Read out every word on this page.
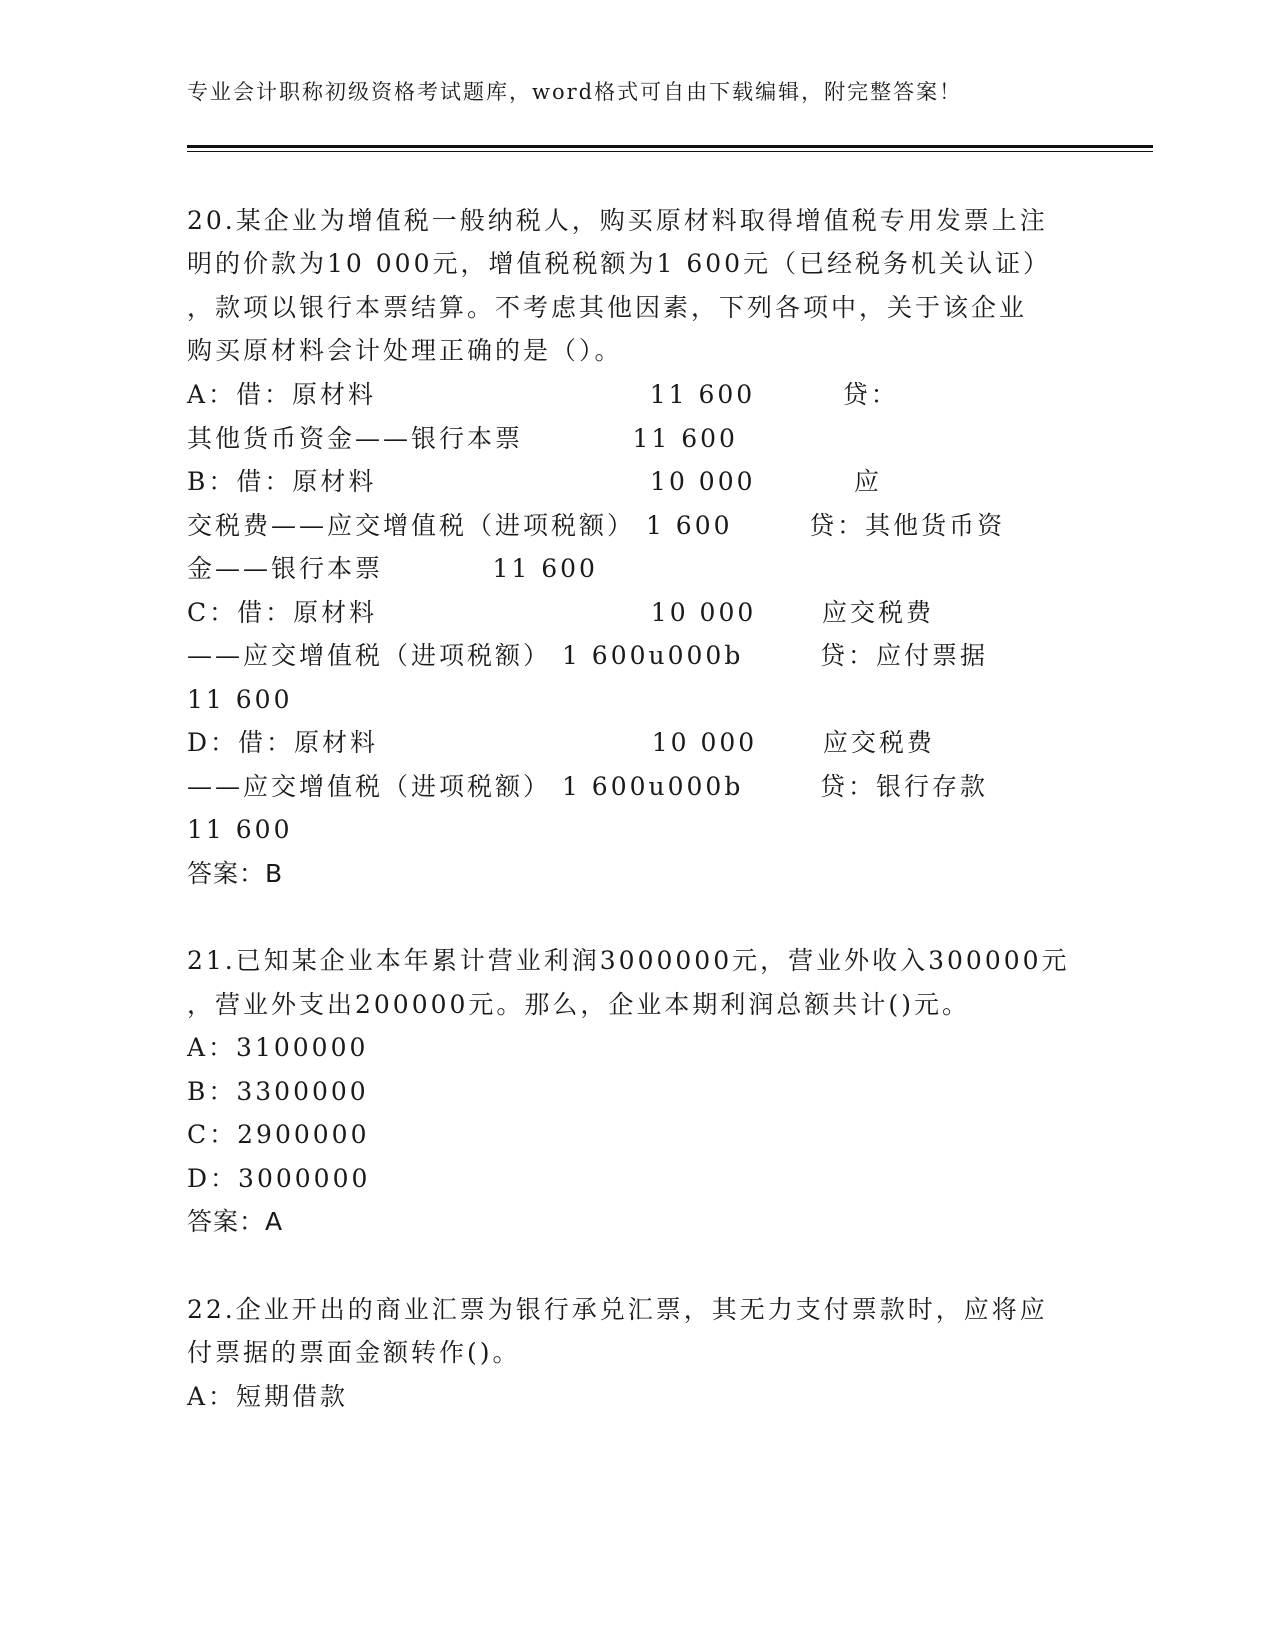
专业会计职称初级资格考试题库，word格式可自由下载编辑，附完整答案！
20.某企业为增值税一般纳税人，购买原材料取得增值税专用发票上注
明的价款为10 000元，增值税税额为1 600元（已经税务机关认证）
，款项以银行本票结算。不考虑其他因素，下列各项中，关于该企业
购买原材料会计处理正确的是（）。
A：借：原材料                         11 600        贷：
其他货币资金——银行本票          11 600
B：借：原材料                         10 000         应
交税费——应交增值税（进项税额） 1 600       贷：其他货币资
金——银行本票          11 600
C：借：原材料                         10 000      应交税费
——应交增值税（进项税额） 1 600u000b       贷：应付票据
11 600
D：借：原材料                         10 000      应交税费
——应交增值税（进项税额） 1 600u000b       贷：银行存款
11 600
答案：B
21.已知某企业本年累计营业利润3000000元，营业外收入300000元
，营业外支出200000元。那么，企业本期利润总额共计()元。
A：3100000
B：3300000
C：2900000
D：3000000
答案：A
22.企业开出的商业汇票为银行承兑汇票，其无力支付票款时，应将应
付票据的票面金额转作()。
A：短期借款
